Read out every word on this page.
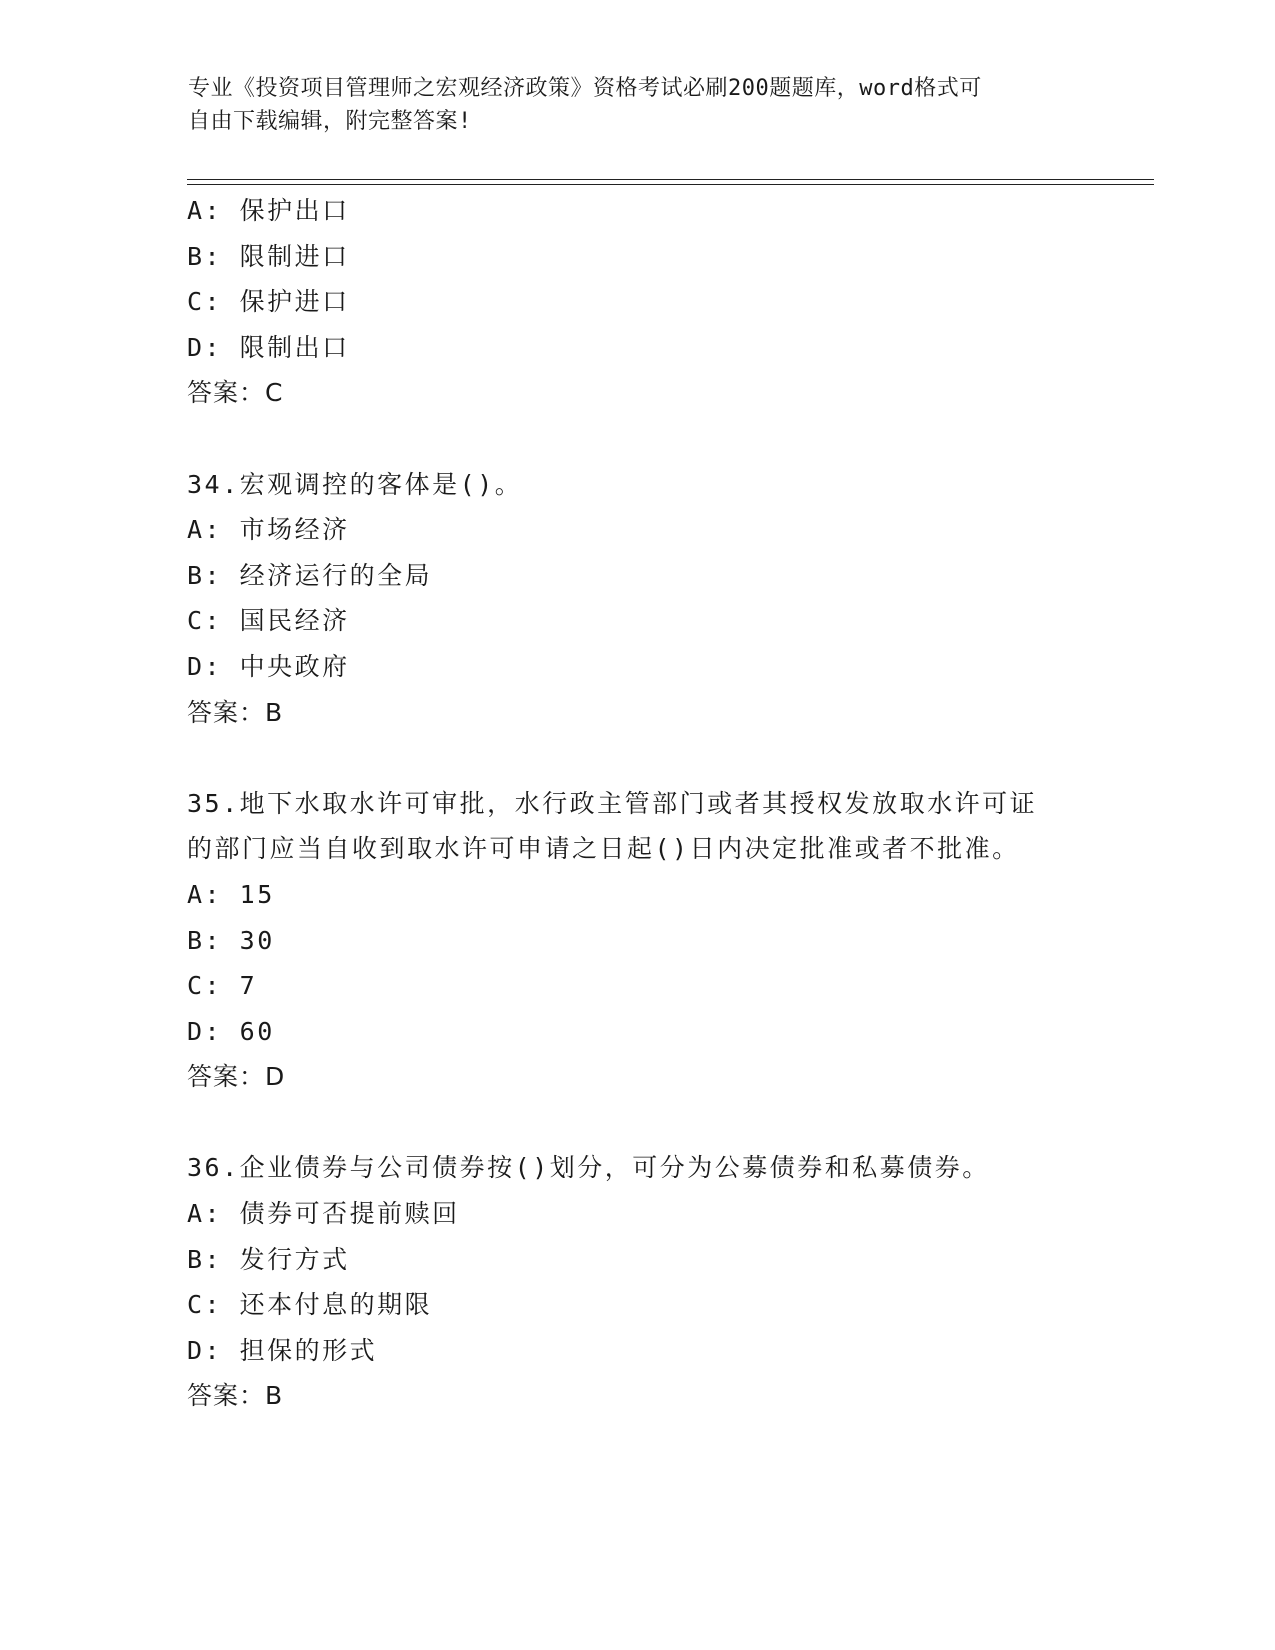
专业《投资项目管理师之宏观经济政策》资格考试必刷200题题库，word格式可
自由下载编辑，附完整答案!
A: 保护出口
B: 限制进口
C: 保护进口
D: 限制出口
答案：C
34.宏观调控的客体是()。
A: 市场经济
B: 经济运行的全局
C: 国民经济
D: 中央政府
答案：B
35.地下水取水许可审批，水行政主管部门或者其授权发放取水许可证
的部门应当自收到取水许可申请之日起()日内决定批准或者不批准。
A: 15
B: 30
C: 7
D: 60
答案：D
36.企业债券与公司债券按()划分，可分为公募债券和私募债券。
A: 债券可否提前赎回
B: 发行方式
C: 还本付息的期限
D: 担保的形式
答案：B
